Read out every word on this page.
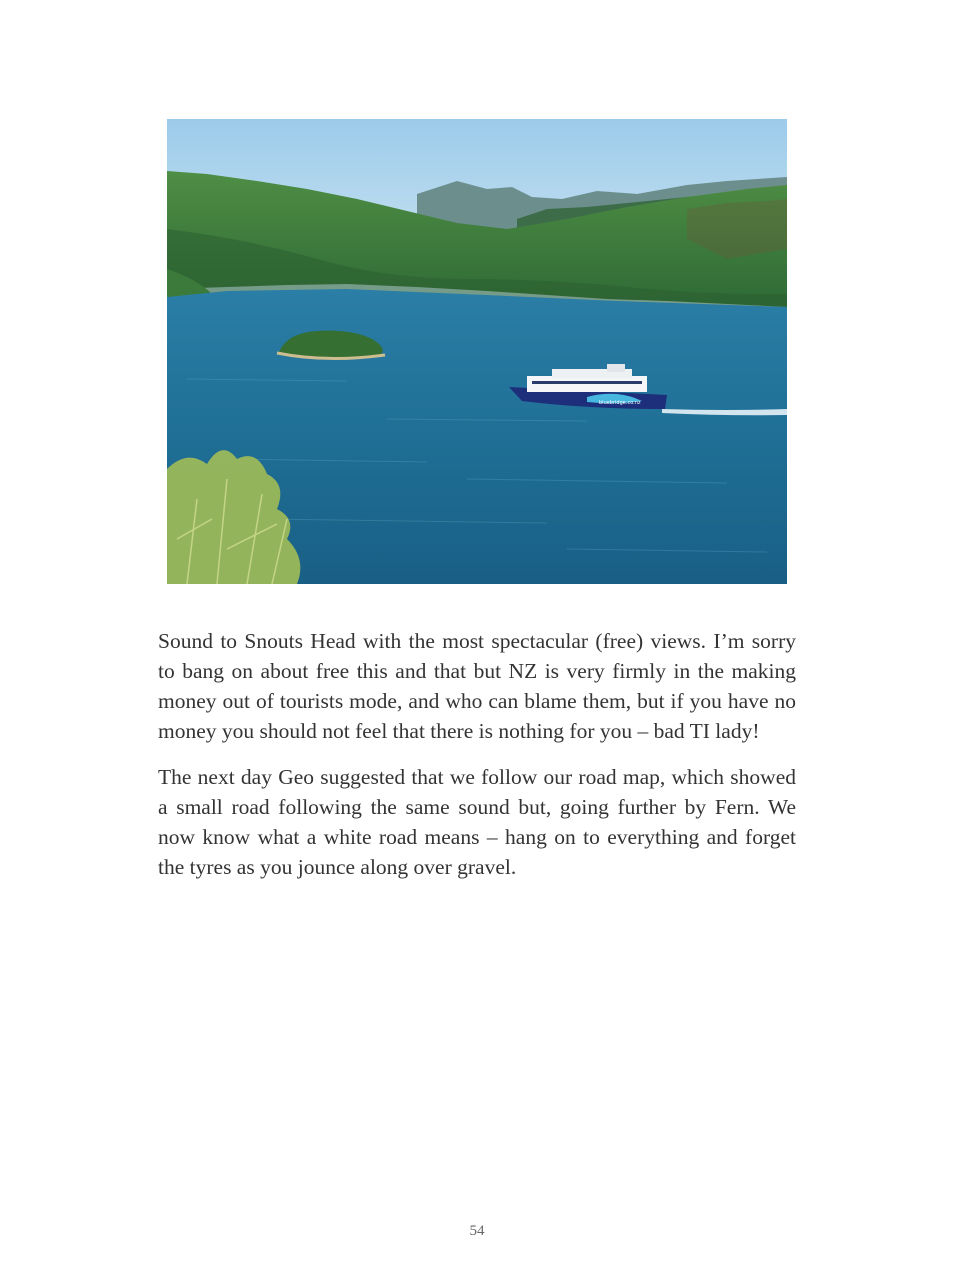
bluebridge.co.nz

Sound to Snouts Head with the most spectacular (free) views. I’m sorry to bang on about free this and that but NZ is very firmly in the making money out of tourists mode, and who can blame them, but if you have no money you should not feel that there is nothing for you – bad TI lady!

The next day Geo suggested that we follow our road map, which showed a small road following the same sound but, going further by Fern. We now know what a white road means – hang on to everything and forget the tyres as you jounce along over gravel.

54
